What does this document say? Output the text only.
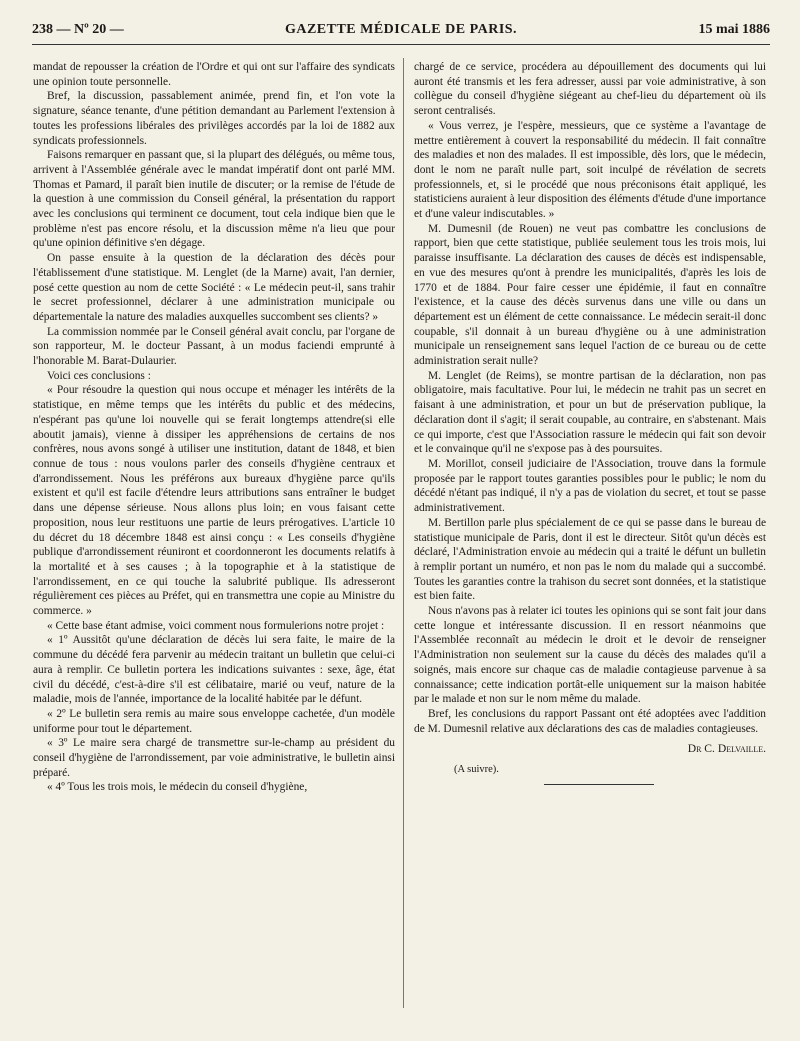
238 — Nº 20 —	GAZETTE MÉDICALE DE PARIS.	15 mai 1886

mandat de repousser la création de l'Ordre et qui ont sur l'affaire des syndicats une opinion toute personnelle.

Bref, la discussion, passablement animée, prend fin, et l'on vote la signature, séance tenante, d'une pétition demandant au Parlement l'extension à toutes les professions libérales des privilèges accordés par la loi de 1882 aux syndicats professionnels.

Faisons remarquer en passant que, si la plupart des délégués, ou même tous, arrivent à l'Assemblée générale avec le mandat impératif dont ont parlé MM. Thomas et Pamard, il paraît bien inutile de discuter; or la remise de l'étude de la question à une commission du Conseil général, la présentation du rapport avec les conclusions qui terminent ce document, tout cela indique bien que le problème n'est pas encore résolu, et la discussion même n'a lieu que pour qu'une opinion définitive s'en dégage.

On passe ensuite à la question de la déclaration des décès pour l'établissement d'une statistique. M. Lenglet (de la Marne) avait, l'an dernier, posé cette question au nom de cette Société : « Le médecin peut-il, sans trahir le secret professionnel, déclarer à une administration municipale ou départementale la nature des maladies auxquelles succombent ses clients? »

La commission nommée par le Conseil général avait conclu, par l'organe de son rapporteur, M. le docteur Passant, à un modus faciendi emprunté à l'honorable M. Barat-Dulaurier.

Voici ces conclusions :

« Pour résoudre la question qui nous occupe et ménager les intérêts de la statistique, en même temps que les intérêts du public et des médecins, n'espérant pas qu'une loi nouvelle qui se ferait longtemps attendre(si elle aboutit jamais), vienne à dissiper les appréhensions de certains de nos confrères, nous avons songé à utiliser une institution, datant de 1848, et bien connue de tous : nous voulons parler des conseils d'hygiène centraux et d'arrondissement. Nous les préférons aux bureaux d'hygiène parce qu'ils existent et qu'il est facile d'étendre leurs attributions sans entraîner le budget dans une dépense sérieuse. Nous allons plus loin; en vous faisant cette proposition, nous leur restituons une partie de leurs prérogatives. L'article 10 du décret du 18 décembre 1848 est ainsi conçu : « Les conseils d'hygiène publique d'arrondissement réuniront et coordonneront les documents relatifs à la mortalité et à ses causes ; à la topographie et à la statistique de l'arrondissement, en ce qui touche la salubrité publique. Ils adresseront régulièrement ces pièces au Préfet, qui en transmettra une copie au Ministre du commerce. »

« Cette base étant admise, voici comment nous formulerions notre projet :

« 1º Aussitôt qu'une déclaration de décès lui sera faite, le maire de la commune du décédé fera parvenir au médecin traitant un bulletin que celui-ci aura à remplir. Ce bulletin portera les indications suivantes : sexe, âge, état civil du décédé, c'est-à-dire s'il est célibataire, marié ou veuf, nature de la maladie, mois de l'année, importance de la localité habitée par le défunt.

« 2º Le bulletin sera remis au maire sous enveloppe cachetée, d'un modèle uniforme pour tout le département.

« 3º Le maire sera chargé de transmettre sur-le-champ au président du conseil d'hygiène de l'arrondissement, par voie administrative, le bulletin ainsi préparé.

« 4º Tous les trois mois, le médecin du conseil d'hygiène,

chargé de ce service, procédera au dépouillement des documents qui lui auront été transmis et les fera adresser, aussi par voie administrative, à son collègue du conseil d'hygiène siégeant au chef-lieu du département où ils seront centralisés.

« Vous verrez, je l'espère, messieurs, que ce système a l'avantage de mettre entièrement à couvert la responsabilité du médecin. Il fait connaître des maladies et non des malades. Il est impossible, dès lors, que le médecin, dont le nom ne paraît nulle part, soit inculpé de révélation de secrets professionnels, et, si le procédé que nous préconisons était appliqué, les statisticiens auraient à leur disposition des éléments d'étude d'une importance et d'une valeur indiscutables. »

M. Dumesnil (de Rouen) ne veut pas combattre les conclusions de rapport, bien que cette statistique, publiée seulement tous les trois mois, lui paraisse insuffisante. La déclaration des causes de décès est indispensable, en vue des mesures qu'ont à prendre les municipalités, d'après les lois de 1770 et de 1884. Pour faire cesser une épidémie, il faut en connaître l'existence, et la cause des décès survenus dans une ville ou dans un département est un élément de cette connaissance. Le médecin serait-il donc coupable, s'il donnait à un bureau d'hygiène ou à une administration municipale un renseignement sans lequel l'action de ce bureau ou de cette administration serait nulle?

M. Lenglet (de Reims), se montre partisan de la déclaration, non pas obligatoire, mais facultative. Pour lui, le médecin ne trahit pas un secret en faisant à une administration, et pour un but de préservation publique, la déclaration dont il s'agit; il serait coupable, au contraire, en s'abstenant. Mais ce qui importe, c'est que l'Association rassure le médecin qui fait son devoir et le convainque qu'il ne s'expose pas à des poursuites.

M. Morillot, conseil judiciaire de l'Association, trouve dans la formule proposée par le rapport toutes garanties possibles pour le public; le nom du décédé n'étant pas indiqué, il n'y a pas de violation du secret, et tout se passe administrativement.

M. Bertillon parle plus spécialement de ce qui se passe dans le bureau de statistique municipale de Paris, dont il est le directeur. Sitôt qu'un décès est déclaré, l'Administration envoie au médecin qui a traité le défunt un bulletin à remplir portant un numéro, et non pas le nom du malade qui a succombé. Toutes les garanties contre la trahison du secret sont données, et la statistique est bien faite.

Nous n'avons pas à relater ici toutes les opinions qui se sont fait jour dans cette longue et intéressante discussion. Il en ressort néanmoins que l'Assemblée reconnaît au médecin le droit et le devoir de renseigner l'Administration non seulement sur la cause du décès des malades qu'il a soignés, mais encore sur chaque cas de maladie contagieuse parvenue à sa connaissance; cette indication portât-elle uniquement sur la maison habitée par le malade et non sur le nom même du malade.

Bref, les conclusions du rapport Passant ont été adoptées avec l'addition de M. Dumesnil relative aux déclarations des cas de maladies contagieuses.

Dr C. Delvaille.
(A suivre).
